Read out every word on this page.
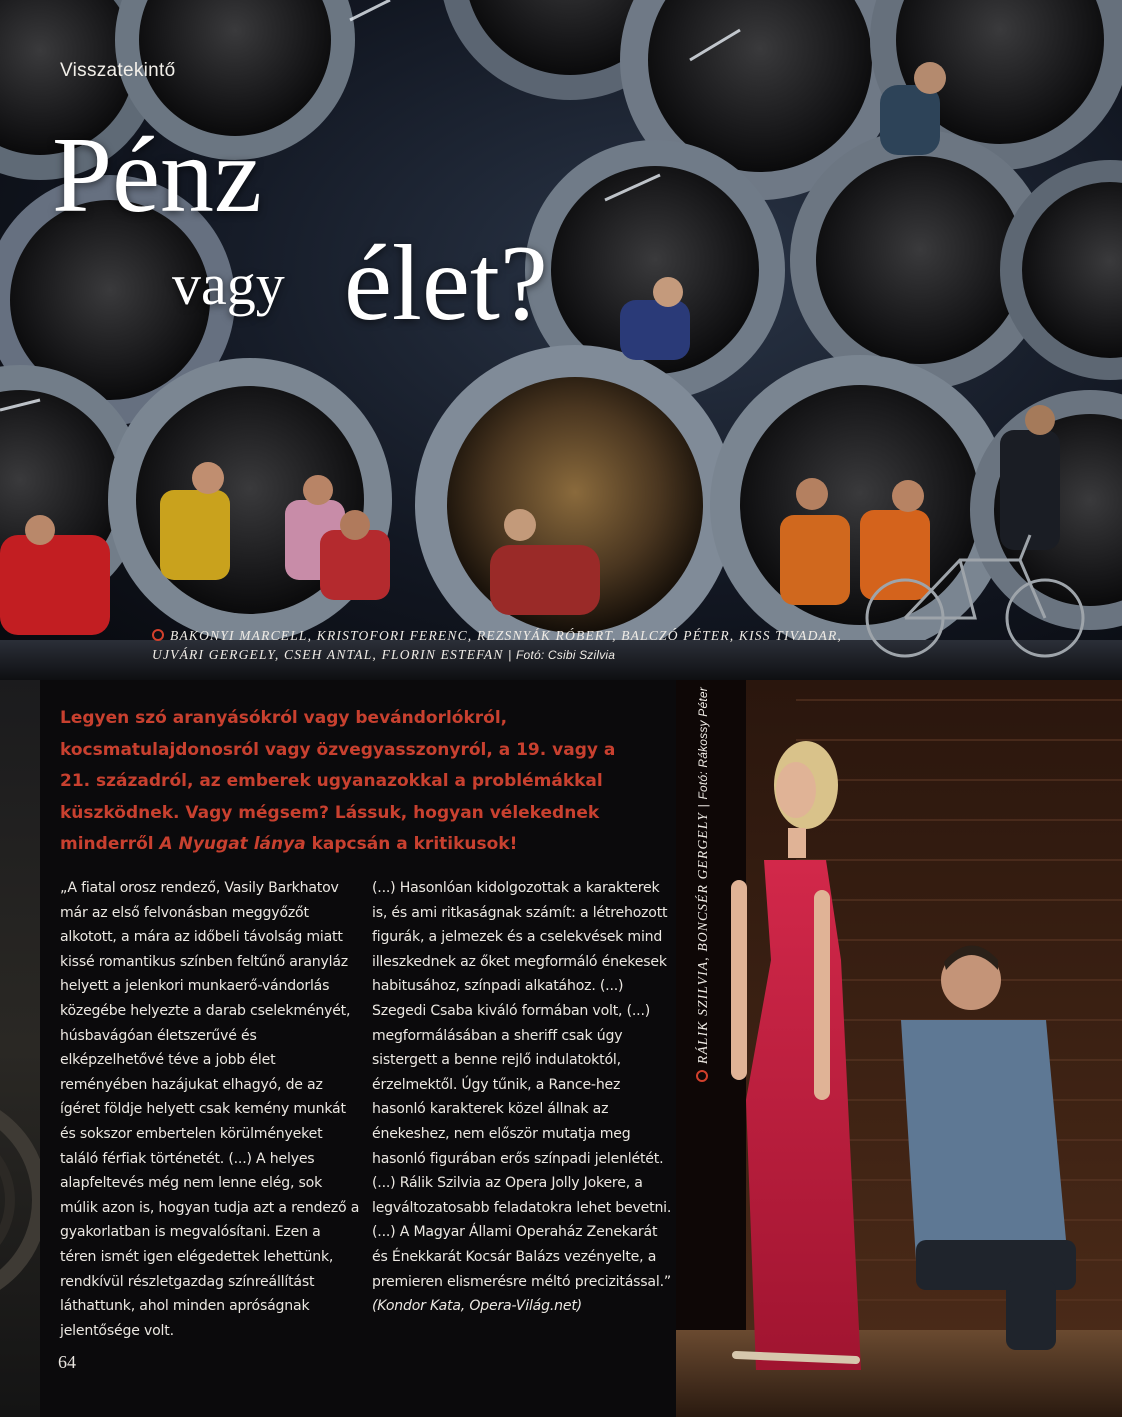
Visszatekintő
Pénz
vagy élet?
BAKONYI MARCELL, KRISTOFORI FERENC, REZSNYÁK RÓBERT, BALCZÓ PÉTER, KISS TIVADAR,
UJVÁRI GERGELY, CSEH ANTAL, FLORIN ESTEFAN | Fotó: Csibi Szilvia
Legyen szó aranyásókról vagy bevándorlókról, kocsmatulajdonosról vagy özvegyasszonyról, a 19. vagy a 21. századról, az emberek ugyanazokkal a problémákkal küszködnek. Vagy mégsem? Lássuk, hogyan vélekednek minderről A Nyugat lánya kapcsán a kritikusok!

„A fiatal orosz rendező, Vasily Barkhatov már az első felvonásban meggyőzőt alkotott, a mára az időbeli távolság miatt kissé romantikus színben feltűnő aranyláz helyett a jelenkori munkaerő-vándorlás közegébe helyezte a darab cselekményét, húsbavágóan életszerűvé és elképzelhetővé téve a jobb élet reményében hazájukat elhagyó, de az ígéret földje helyett csak kemény munkát és sokszor embertelen körülményeket találó férfiak történetét. (...) A helyes alapfeltevés még nem lenne elég, sok múlik azon is, hogyan tudja azt a rendező a gyakorlatban is megvalósítani. Ezen a téren ismét igen elégedettek lehettünk, rendkívül részletgazdag színreállítást láthattunk, ahol minden apróságnak jelentősége volt.

(...) Hasonlóan kidolgozottak a karakterek is, és ami ritkaságnak számít: a létrehozott figurák, a jelmezek és a cselekvések mind illeszkednek az őket megformáló énekesek habitusához, színpadi alkatához. (...) Szegedi Csaba kiváló formában volt, (...) megformálásában a sheriff csak úgy sistergett a benne rejlő indulatoktól, érzelmektől. Úgy tűnik, a Rance-hez hasonló karakterek közel állnak az énekeshez, nem először mutatja meg hasonló figurában erős színpadi jelenlétét. (...) Rálik Szilvia az Opera Jolly Jokere, a legváltozatosabb feladatokra lehet bevetni. (...) A Magyar Állami Operaház Zenekarát és Énekkarát Kocsár Balázs vezényelte, a premieren elismerésre méltó precizitással.”

(Kondor Kata, Opera-Világ.net)
64
RÁLIK SZILVIA, BONCSÉR GERGELY | Fotó: Rákossy Péter
